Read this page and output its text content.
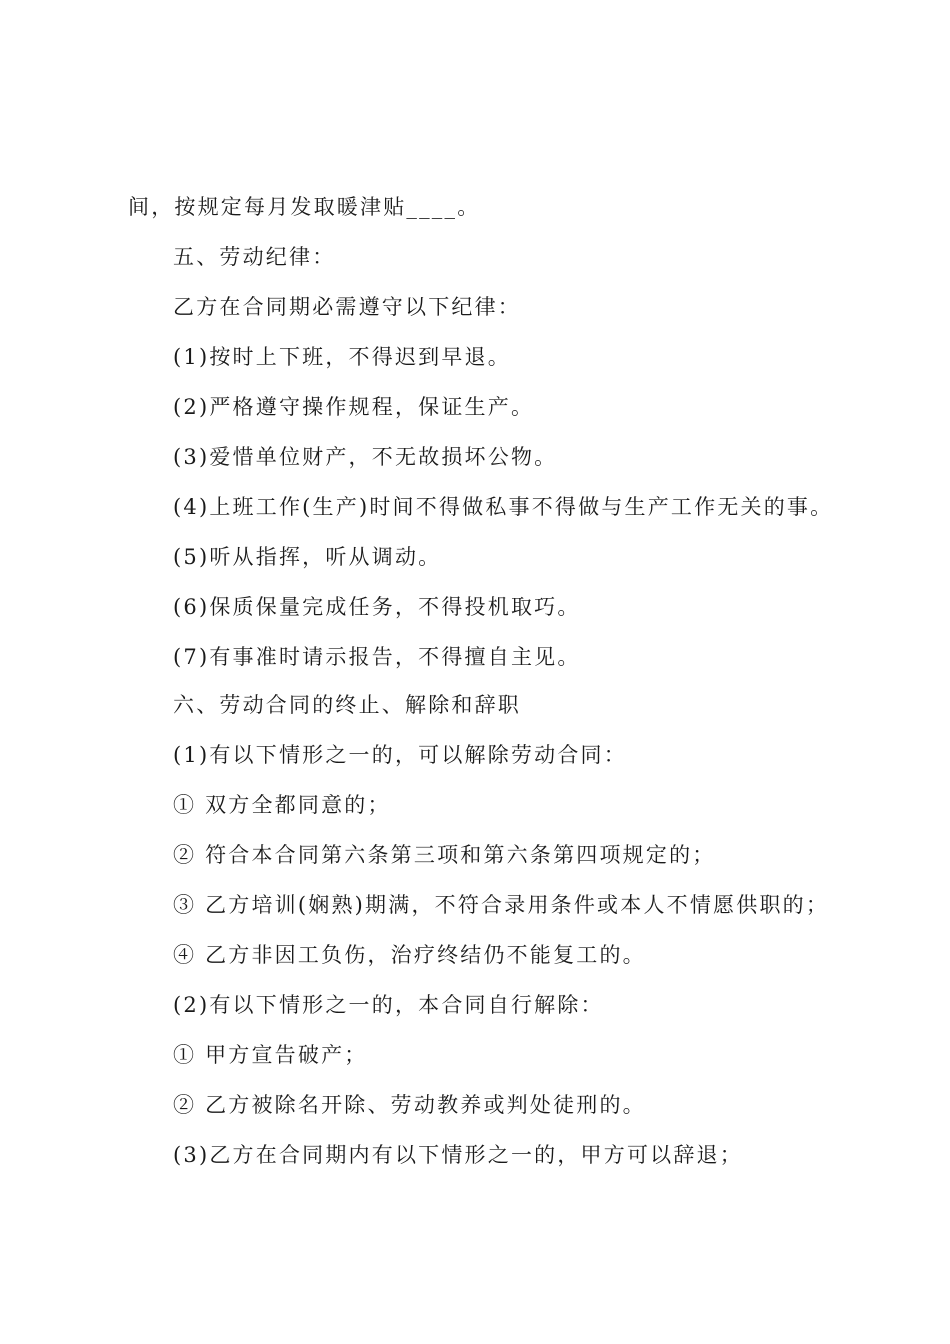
间，按规定每月发取暖津贴____。
五、劳动纪律：
乙方在合同期必需遵守以下纪律：
(1)按时上下班，不得迟到早退。
(2)严格遵守操作规程，保证生产。
(3)爱惜单位财产，不无故损坏公物。
(4)上班工作(生产)时间不得做私事不得做与生产工作无关的事。
(5)听从指挥，听从调动。
(6)保质保量完成任务，不得投机取巧。
(7)有事准时请示报告，不得擅自主见。
六、劳动合同的终止、解除和辞职
(1)有以下情形之一的，可以解除劳动合同：
① 双方全都同意的；
② 符合本合同第六条第三项和第六条第四项规定的；
③ 乙方培训(娴熟)期满，不符合录用条件或本人不情愿供职的；
④ 乙方非因工负伤，治疗终结仍不能复工的。
(2)有以下情形之一的，本合同自行解除：
① 甲方宣告破产；
② 乙方被除名开除、劳动教养或判处徒刑的。
(3)乙方在合同期内有以下情形之一的，甲方可以辞退；
